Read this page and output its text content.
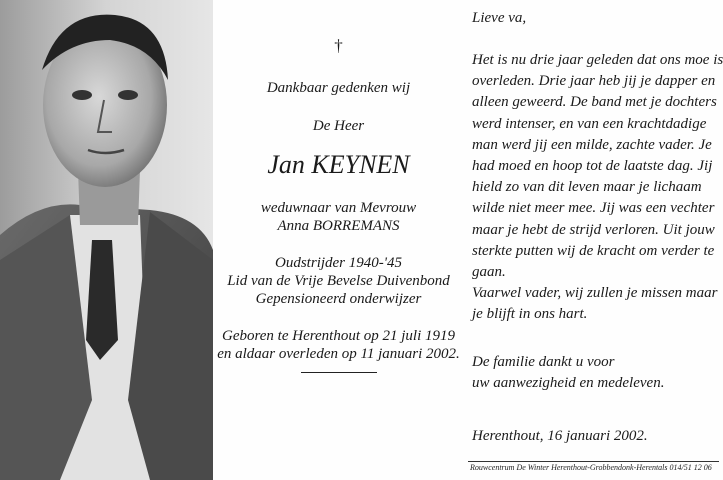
†
Dankbaar gedenken wij
De Heer
Jan KEYNEN
weduwnaar van Mevrouw
Anna BORREMANS
Oudstrijder 1940-'45
Lid van de Vrije Bevelse Duivenbond
Gepensioneerd onderwijzer
Geboren te Herenthout op 21 juli 1919
en aldaar overleden op 11 januari 2002.
Lieve va,
Het is nu drie jaar geleden dat ons moe is
overleden. Drie jaar heb jij je dapper en
alleen geweerd. De band met je dochters
werd intenser, en van een krachtdadige
man werd jij een milde, zachte vader. Je
had moed en hoop tot de laatste dag. Jij
hield zo van dit leven maar je lichaam
wilde niet meer mee. Jij was een vechter
maar je hebt de strijd verloren. Uit jouw
sterkte putten wij de kracht om verder te
gaan.
Vaarwel vader, wij zullen je missen maar
je blijft in ons hart.
De familie dankt u voor
uw aanwezigheid en medeleven.
Herenthout, 16 januari 2002.
Rouwcentrum De Winter Herenthout-Grobbendonk-Herentals 014/51 12 06
